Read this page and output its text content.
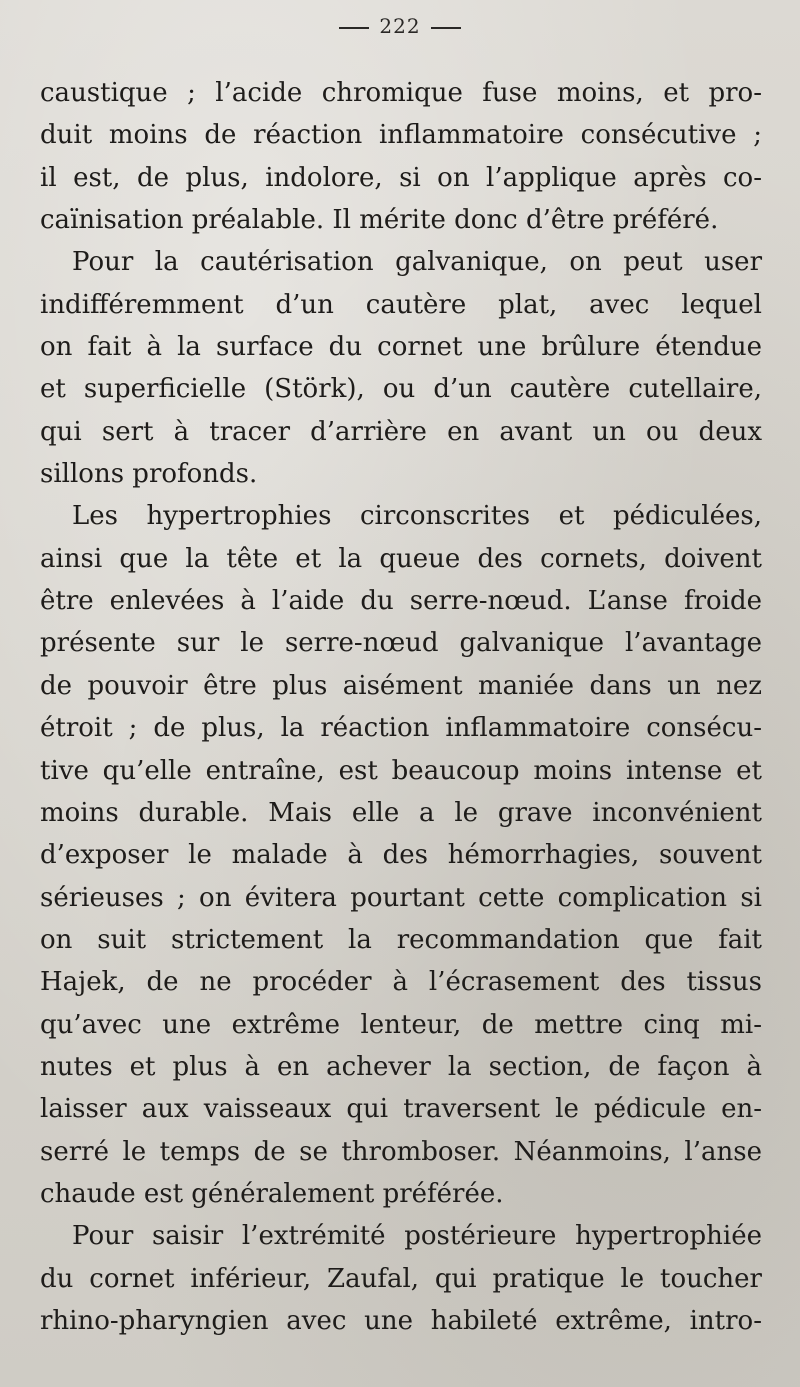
222
caustique ; l’acide chromique fuse moins, et pro-
duit moins de réaction inflammatoire consécutive ;
il est, de plus, indolore, si on l’applique après co-
caïnisation préalable. Il mérite donc d’être préféré.
Pour la cautérisation galvanique, on peut user
indifféremment d’un cautère plat, avec lequel
on fait à la surface du cornet une brûlure étendue
et superficielle (Störk), ou d’un cautère cutellaire,
qui sert à tracer d’arrière en avant un ou deux
sillons profonds.
Les hypertrophies circonscrites et pédiculées,
ainsi que la tête et la queue des cornets, doivent
être enlevées à l’aide du serre-nœud. L’anse froide
présente sur le serre-nœud galvanique l’avantage
de pouvoir être plus aisément maniée dans un nez
étroit ; de plus, la réaction inflammatoire consécu-
tive qu’elle entraîne, est beaucoup moins intense et
moins durable. Mais elle a le grave inconvénient
d’exposer le malade à des hémorrhagies, souvent
sérieuses ; on évitera pourtant cette complication si
on suit strictement la recommandation que fait
Hajek, de ne procéder à l’écrasement des tissus
qu’avec une extrême lenteur, de mettre cinq mi-
nutes et plus à en achever la section, de façon à
laisser aux vaisseaux qui traversent le pédicule en-
serré le temps de se thromboser. Néanmoins, l’anse
chaude est généralement préférée.
Pour saisir l’extrémité postérieure hypertrophiée
du cornet inférieur, Zaufal, qui pratique le toucher
rhino-pharyngien avec une habileté extrême, intro-
